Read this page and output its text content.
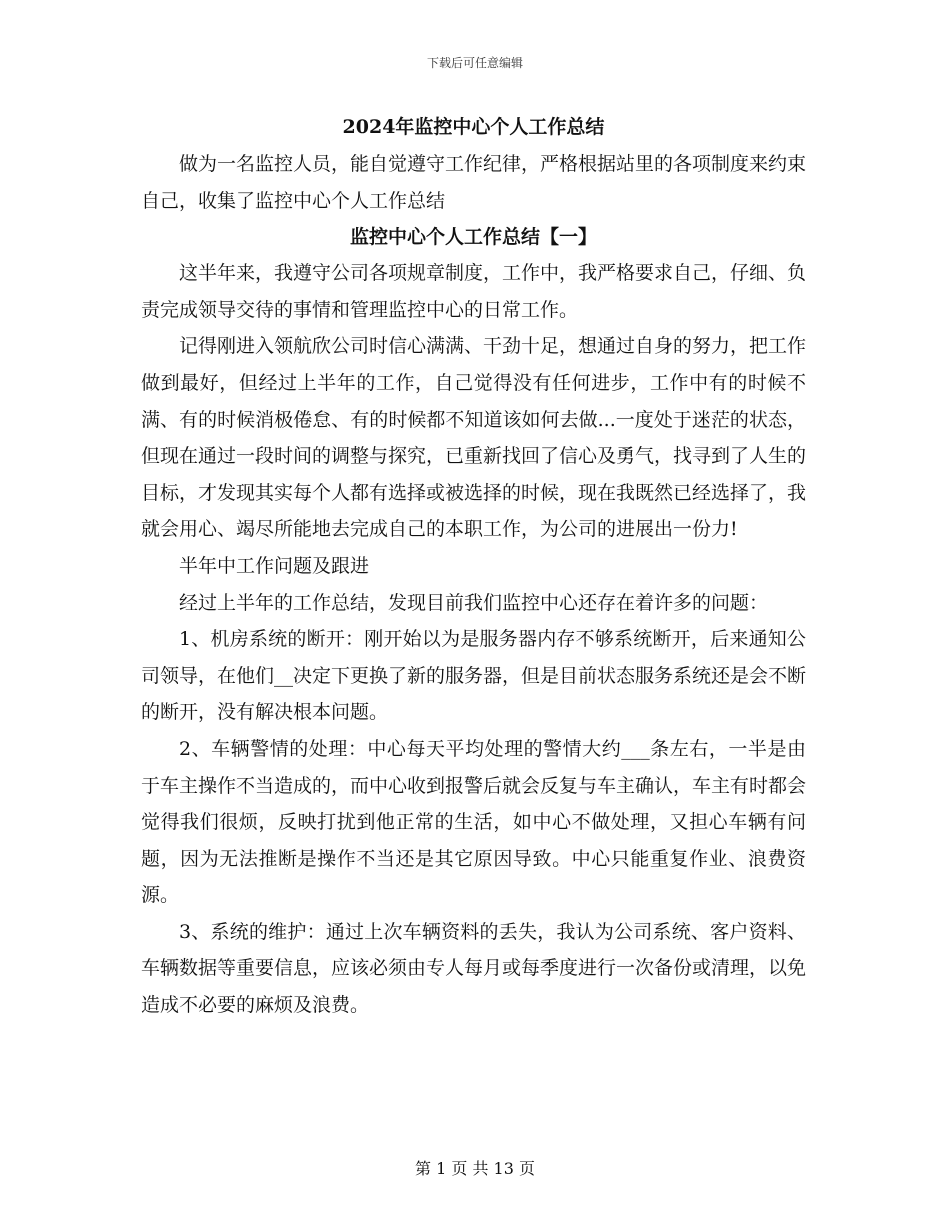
下载后可任意编辑
2024年监控中心个人工作总结

做为一名监控人员，能自觉遵守工作纪律，严格根据站里的各项制度来约束自己，收集了监控中心个人工作总结

监控中心个人工作总结【一】

这半年来，我遵守公司各项规章制度，工作中，我严格要求自己，仔细、负责完成领导交待的事情和管理监控中心的日常工作。

记得刚进入领航欣公司时信心满满、干劲十足，想通过自身的努力，把工作做到最好，但经过上半年的工作，自己觉得没有任何进步，工作中有的时候不满、有的时候消极倦怠、有的时候都不知道该如何去做...一度处于迷茫的状态，但现在通过一段时间的调整与探究，已重新找回了信心及勇气，找寻到了人生的目标，才发现其实每个人都有选择或被选择的时候，现在我既然已经选择了，我就会用心、竭尽所能地去完成自己的本职工作，为公司的进展出一份力!

半年中工作问题及跟进

经过上半年的工作总结，发现目前我们监控中心还存在着许多的问题：

1、机房系统的断开：刚开始以为是服务器内存不够系统断开，后来通知公司领导，在他们__决定下更换了新的服务器，但是目前状态服务系统还是会不断的断开，没有解决根本问题。

2、车辆警情的处理：中心每天平均处理的警情大约___条左右，一半是由于车主操作不当造成的，而中心收到报警后就会反复与车主确认，车主有时都会觉得我们很烦，反映打扰到他正常的生活，如中心不做处理，又担心车辆有问题，因为无法推断是操作不当还是其它原因导致。中心只能重复作业、浪费资源。

3、系统的维护：通过上次车辆资料的丢失，我认为公司系统、客户资料、车辆数据等重要信息，应该必须由专人每月或每季度进行一次备份或清理，以免造成不必要的麻烦及浪费。

第 1 页 共 13 页
